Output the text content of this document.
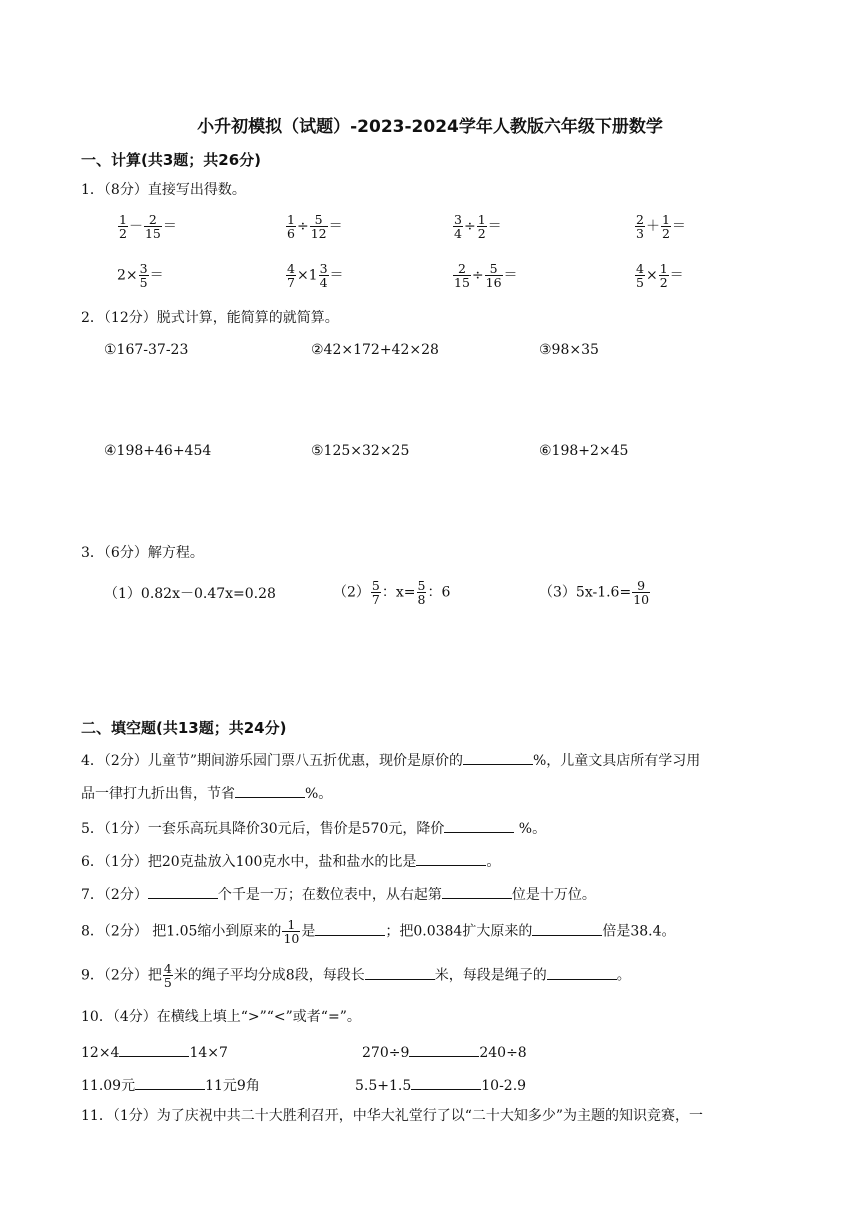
小升初模拟（试题）-2023-2024学年人教版六年级下册数学
一、计算(共3题；共26分)
1．（8分）直接写出得数。
$\frac{1}{2} - \frac{2}{15}$ ＝	$\frac{1}{6} \div \frac{5}{12}$ ＝	$\frac{3}{4} \div \frac{1}{2}$ ＝	$\frac{2}{3} + \frac{1}{2}$ ＝
$2\times \frac{3}{5}$ ＝	$\frac{4}{7} \times 1 \frac{3}{4}$ ＝	$\frac{2}{15} \div \frac{5}{16}$ ＝	$\frac{4}{5} \times \frac{1}{2}$ ＝
2．（12分）脱式计算，能简算的就简算。
①167-37-23	②42×172+42×28	③98×35
④198+46+454	⑤125×32×25	⑥198+2×45
3．（6分）解方程。
（1）0.82x－0.47x=0.28	$(2) \frac{5}{7}$ ：$x= \frac{5}{8}$ ：6	$(3)5x-1.6= \frac{9}{10}$
二、填空题(共13题；共24分)
4．（2分）儿童节”期间游乐园门票八五折优惠，现价是原价的	%，儿童文具店所有学习用
品一律打九折出售，节省	%。
5．（1分）一套乐高玩具降价30元后，售价是570元，降价	%。
6．（1分）把20克盐放入100克水中，盐和盐水的比是	。
7．（2分）	个千是一万；在数位表中，从右起第	位是十万位。
8．（2分） 把1.05缩小到原来的 $\frac{1}{10}$ 是	；把0.0384扩大原来的	倍是38.4。
9．（2分）把 $\frac{4}{5}$ 米的绳子平均分成8段，每段长	米，每段是绳子的	。
10．（4分）在横线上填上“>”“<”或者“=”。
12×4	14×7	270÷9	240÷8
11.09元	11元9角	5.5+1.5	10-2.9
11．（1分）为了庆祝中共二十大胜利召开，中华大礼堂行了以“二十大知多少”为主题的知识竞赛，一
